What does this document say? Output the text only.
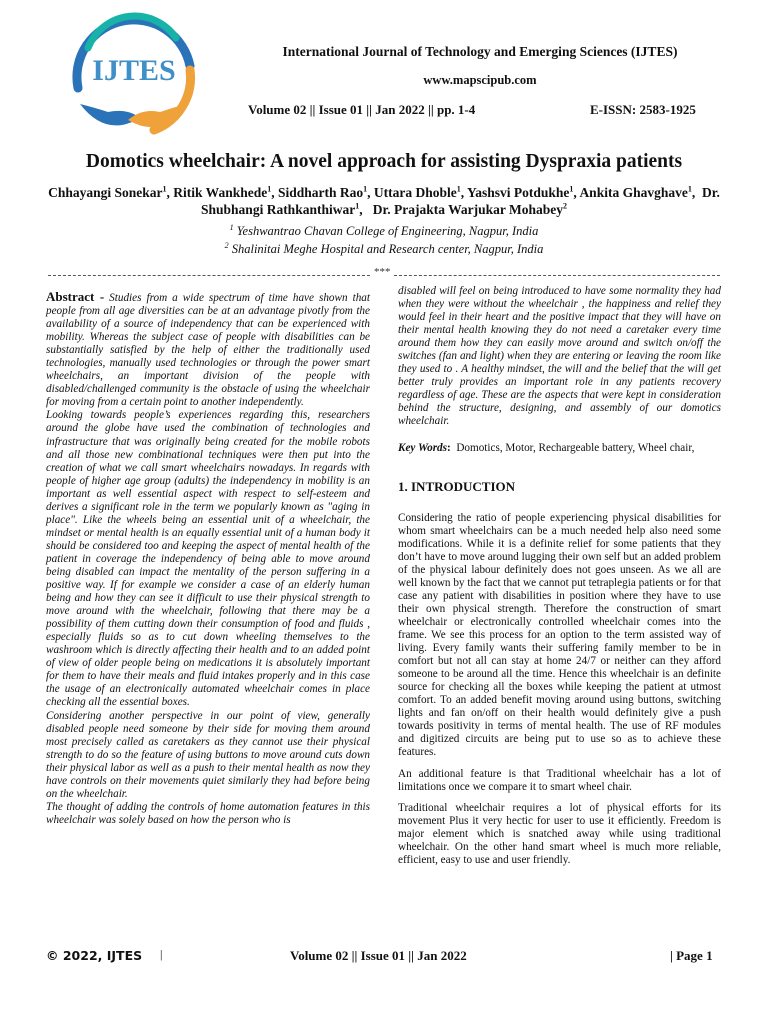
IJTES
International Journal of Technology and Emerging Sciences (IJTES)
www.mapscipub.com
Volume 02 || Issue 01 || Jan 2022 || pp. 1-4	E-ISSN: 2583-1925
Domotics wheelchair: A novel approach for assisting Dyspraxia patients
Chhayangi Sonekar$^1$, Ritik Wankhede$^1$, Siddharth Rao$^1$, Uttara Dhoble$^1$, Yashsvi Potdukhe$^1$, Ankita Ghavghave$^1$,  Dr. Shubhangi Rathkanthiwar$^1$,   Dr. Prajakta Warjukar Mohabey$^2$
$^1$ Yeshwantrao Chavan College of Engineering, Nagpur, India
$^2$ Shalinitai Meghe Hospital and Research center, Nagpur, India
***

Abstract - Studies from a wide spectrum of time have shown that people from all age diversities can be at an advantage pivotly from the availability of a source of independency that can be experienced with mobility. Whereas the subject case of people with disabilities can be substantially satisfied by the help of either the traditionally used technologies, manually used technologies or through the power smart wheelchairs, an important division of the people with disabled/challenged community is the obstacle of using the wheelchair for moving from a certain point to another independently.

Looking towards people’s experiences regarding this, researchers around the globe have used the combination of technologies and infrastructure that was originally being created for the mobile robots and all those new combinational techniques were then put into the creation of what we call smart wheelchairs nowadays. In regards with people of higher age group (adults) the independency in mobility is an important as well essential aspect with respect to self-esteem and derives a significant role in the term we popularly known as "aging in place". Like the wheels being an essential unit of a wheelchair, the mindset or mental health is an equally essential unit of a human body it should be considered too and keeping the aspect of mental health of the patient in coverage the independency of being able to move around being disabled can impact the mentality of the person suffering in a positive way. If for example we consider a case of an elderly human being and how they can see it difficult to use their physical strength to move around with the wheelchair, following that there may be a possibility of them cutting down their consumption of food and fluids , especially fluids so as to cut down wheeling themselves to the washroom which is directly affecting their health and to an added point of view of older people being on medications it is absolutely important for them to have their meals and fluid intakes properly and in this case the usage of an electronically automated wheelchair comes in place checking all the essential boxes.

Considering another perspective in our point of view, generally disabled people need someone by their side for moving them around most precisely called as caretakers as they cannot use their physical strength to do so the feature of using buttons to move around cuts down their physical labor as well as a push to their mental health as now they have controls on their movements quiet similarly they had before being on the wheelchair.

The thought of adding the controls of home automation features in this wheelchair was solely based on how the person who is

disabled will feel on being introduced to have some normality they had when they were without the wheelchair , the happiness and relief they would feel in their heart and the positive impact that they will have on their mental health knowing they do not need a caretaker every time around them how they can easily move around and switch on/off the switches (fan and light) when they are entering or leaving the room like they used to . A healthy mindset, the will and the belief that the will get better truly provides an important role in any patients recovery regardless of age. These are the aspects that were kept in consideration behind the structure, designing, and assembly of our domotics wheelchair.

Key Words: Domotics, Motor, Rechargeable battery, Wheel chair,

1. INTRODUCTION

Considering the ratio of people experiencing physical disabilities for whom smart wheelchairs can be a much needed help also need some modifications. While it is a definite relief for some patients that they don’t have to move around lugging their own self but an added problem of the physical labour definitely does not goes unseen. As we all are well known by the fact that we cannot put tetraplegia patients or for that case any patient with disabilities in position where they have to use their own physical strength. Therefore the construction of smart wheelchair or electronically controlled wheelchair comes into the frame. We see this process for an option to the term assisted way of living. Every family wants their suffering family member to be in comfort but not all can stay at home 24/7 or neither can they afford someone to be around all the time. Hence this wheelchair is an definite source for checking all the boxes while keeping the patient at utmost comfort. To an added benefit moving around using buttons, switching lights and fan on/off on their health would definitely give a push towards positivity in terms of mental health. The use of RF modules and digitized circuits are being put to use so as to achieve these features.

An additional feature is that Traditional wheelchair has a lot of limitations once we compare it to smart wheel chair.

Traditional wheelchair requires a lot of physical efforts for its movement Plus it very hectic for user to use it efficiently. Freedom is major element which is snatched away while using traditional wheelchair. On the other hand smart wheel is much more reliable, efficient, easy to use and user friendly.

© 2022, IJTES |	Volume 02 || Issue 01 || Jan 2022	| Page 1
